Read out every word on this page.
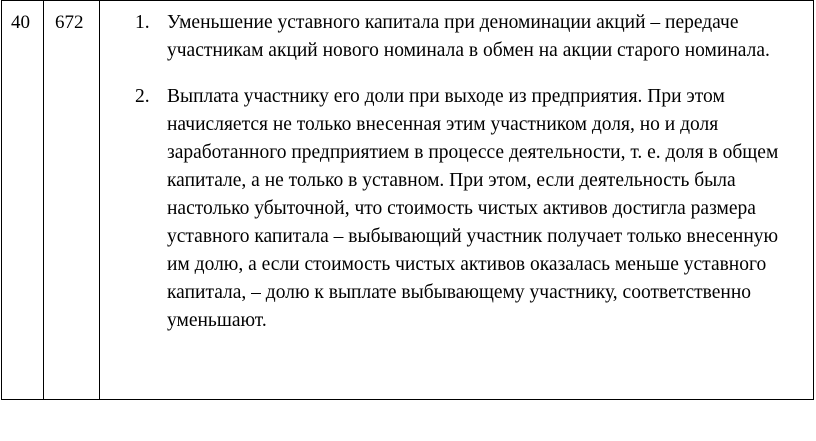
40	672	1. Уменьшение уставного капитала при деноминации акций – передаче участникам акций нового номинала в обмен на акции старого номинала.
2. Выплата участнику его доли при выходе из предприятия. При этом начисляется не только внесенная этим участником доля, но и доля заработанного предприятием в процессе деятельности, т. е. доля в общем капитале, а не только в уставном. При этом, если деятельность была настолько убыточной, что стоимость чистых активов достигла размера уставного капитала – выбывающий участник получает только внесенную им долю, а если стоимость чистых активов оказалась меньше уставного капитала, – долю к выплате выбывающему участнику, соответственно уменьшают.
